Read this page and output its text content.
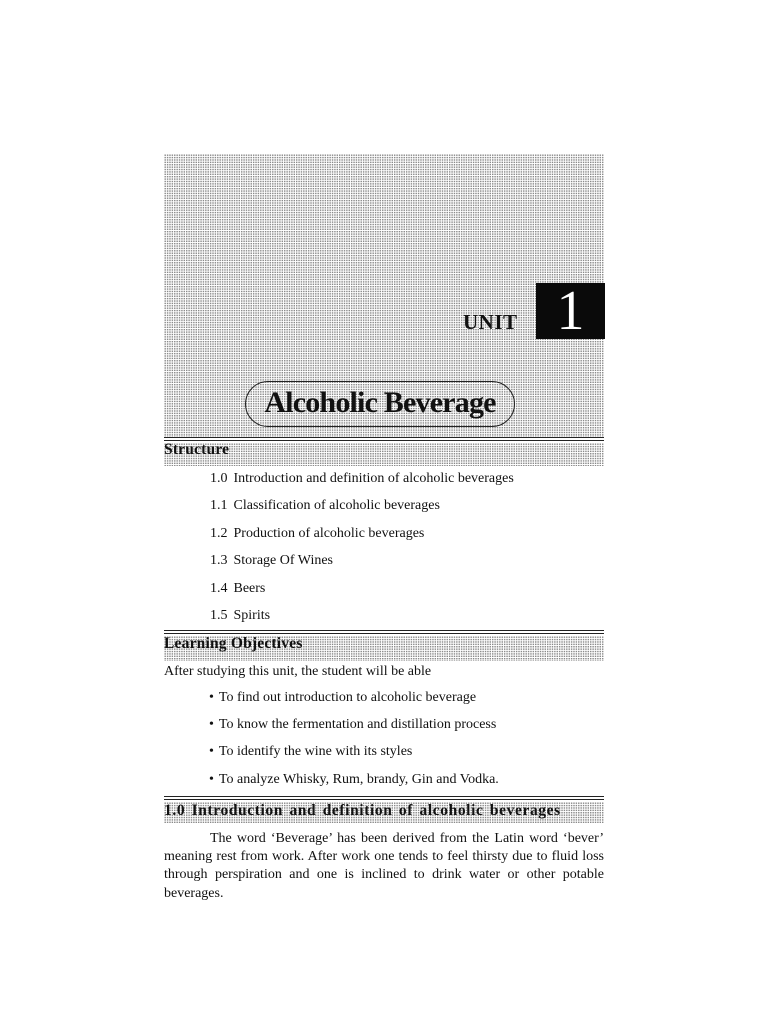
UNIT 1
Alcoholic Beverage
Structure
1.0 Introduction and definition of alcoholic beverages
1.1 Classification of alcoholic beverages
1.2 Production of alcoholic beverages
1.3 Storage Of Wines
1.4 Beers
1.5 Spirits
Learning Objectives
After studying this unit, the student will be able
• To find out introduction to alcoholic beverage
• To know the fermentation and distillation process
• To identify the wine with its styles
• To analyze Whisky, Rum, brandy, Gin and Vodka.
1.0 Introduction and definition of alcoholic beverages

The word ‘Beverage’ has been derived from the Latin word ‘bever’ meaning rest from work. After work one tends to feel thirsty due to fluid loss through perspiration and one is inclined to drink water or other potable beverages.
